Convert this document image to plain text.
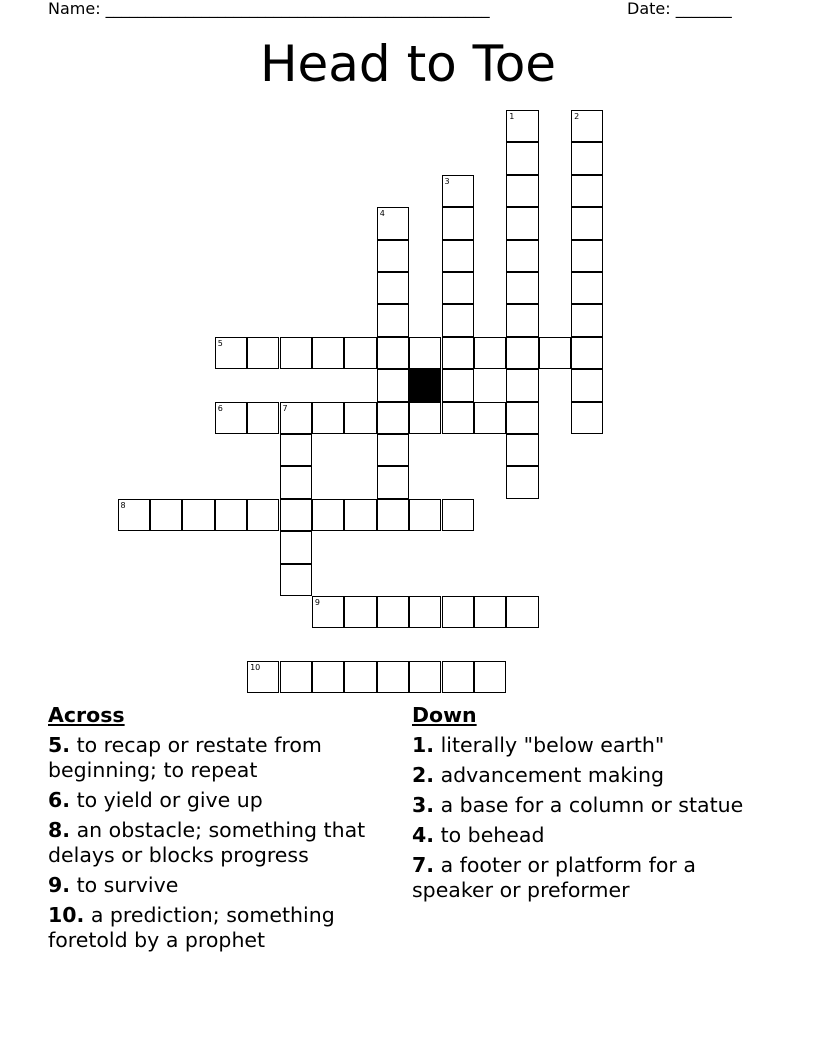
Name: ________________________________________________	Date: _______
Head to Toe
1	2
3
4
5
6	7
8
9
10
Across
5. to recap or restate from beginning; to repeat
6. to yield or give up
8. an obstacle; something that delays or blocks progress
9. to survive
10. a prediction; something foretold by a prophet
Down
1. literally "below earth"
2. advancement making
3. a base for a column or statue
4. to behead
7. a footer or platform for a speaker or preformer
